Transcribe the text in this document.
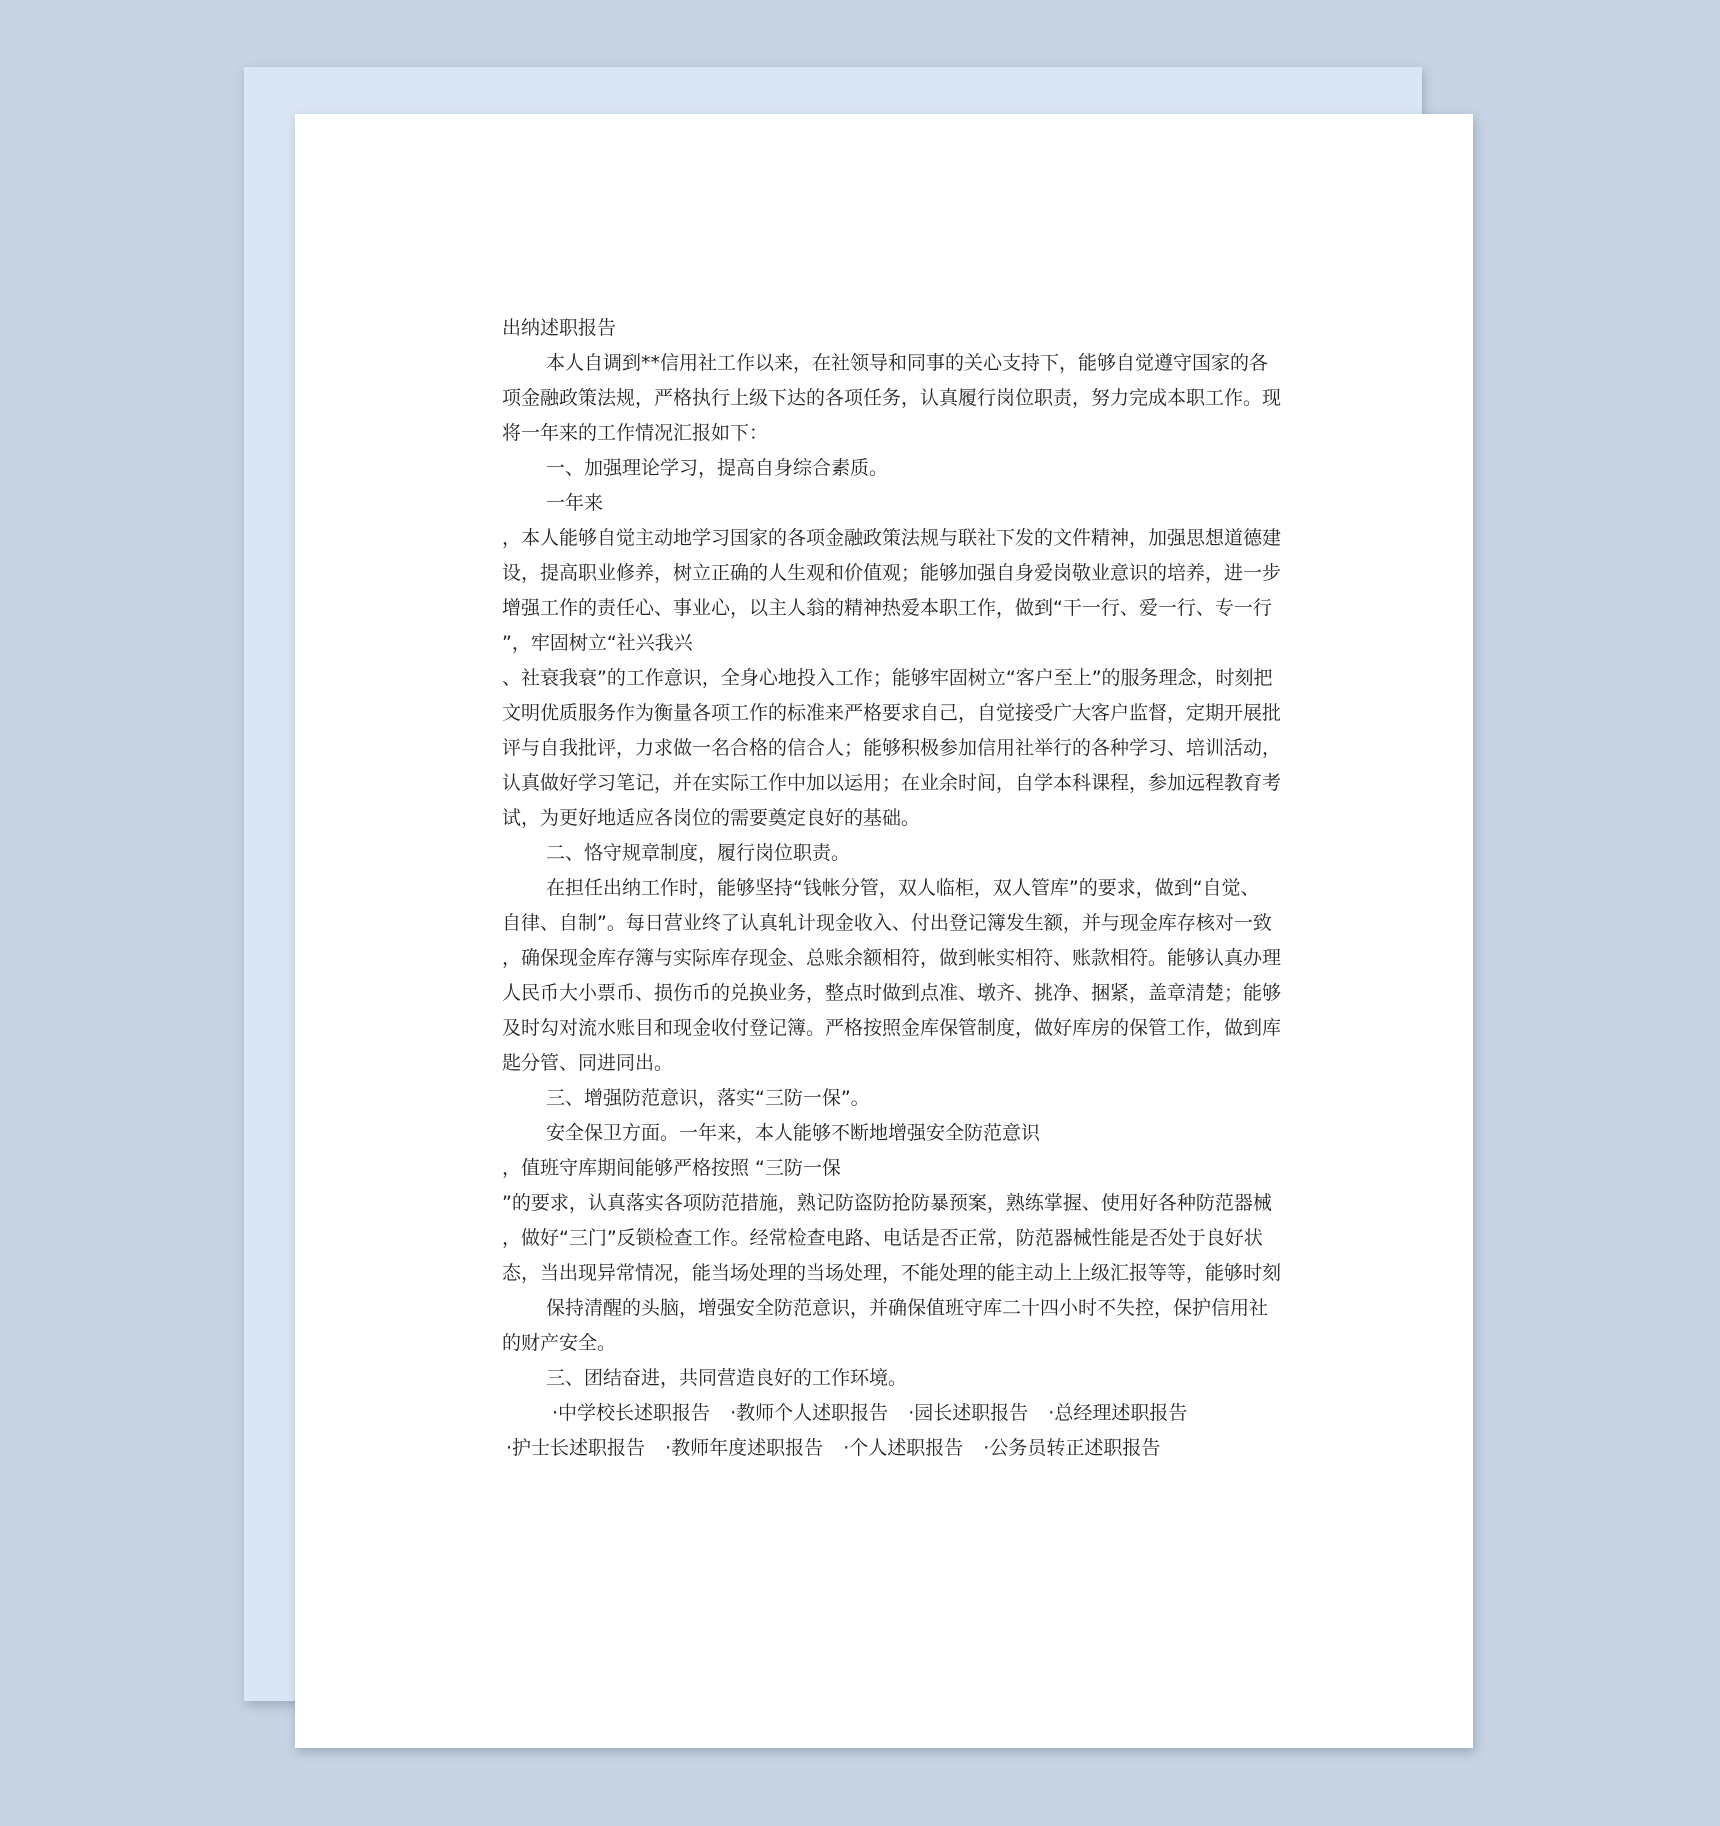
出纳述职报告
本人自调到**信用社工作以来，在社领导和同事的关心支持下，能够自觉遵守国家的各
项金融政策法规，严格执行上级下达的各项任务，认真履行岗位职责，努力完成本职工作。现
将一年来的工作情况汇报如下：
一、加强理论学习，提高自身综合素质。
一年来
，本人能够自觉主动地学习国家的各项金融政策法规与联社下发的文件精神，加强思想道德建
设，提高职业修养，树立正确的人生观和价值观；能够加强自身爱岗敬业意识的培养，进一步
增强工作的责任心、事业心，以主人翁的精神热爱本职工作，做到“干一行、爱一行、专一行
”，牢固树立“社兴我兴
、社衰我衰”的工作意识，全身心地投入工作；能够牢固树立“客户至上”的服务理念，时刻把
文明优质服务作为衡量各项工作的标准来严格要求自己，自觉接受广大客户监督，定期开展批
评与自我批评，力求做一名合格的信合人；能够积极参加信用社举行的各种学习、培训活动，
认真做好学习笔记，并在实际工作中加以运用；在业余时间，自学本科课程，参加远程教育考
试，为更好地适应各岗位的需要奠定良好的基础。
二、恪守规章制度，履行岗位职责。
在担任出纳工作时，能够坚持“钱帐分管，双人临柜，双人管库”的要求，做到“自觉、
自律、自制”。每日营业终了认真轧计现金收入、付出登记簿发生额，并与现金库存核对一致
，确保现金库存簿与实际库存现金、总账余额相符，做到帐实相符、账款相符。能够认真办理
人民币大小票币、损伤币的兑换业务，整点时做到点准、墩齐、挑净、捆紧，盖章清楚；能够
及时勾对流水账目和现金收付登记簿。严格按照金库保管制度，做好库房的保管工作，做到库
匙分管、同进同出。
三、增强防范意识，落实“三防一保”。
安全保卫方面。一年来，本人能够不断地增强安全防范意识
，值班守库期间能够严格按照 “三防一保
”的要求，认真落实各项防范措施，熟记防盗防抢防暴预案，熟练掌握、使用好各种防范器械
，做好“三门”反锁检查工作。经常检查电路、电话是否正常，防范器械性能是否处于良好状
态，当出现异常情况，能当场处理的当场处理，不能处理的能主动上上级汇报等等，能够时刻
保持清醒的头脑，增强安全防范意识，并确保值班守库二十四小时不失控，保护信用社
的财产安全。
三、团结奋进，共同营造良好的工作环境。
·中学校长述职报告 ·教师个人述职报告 ·园长述职报告 ·总经理述职报告
·护士长述职报告 ·教师年度述职报告 ·个人述职报告 ·公务员转正述职报告
